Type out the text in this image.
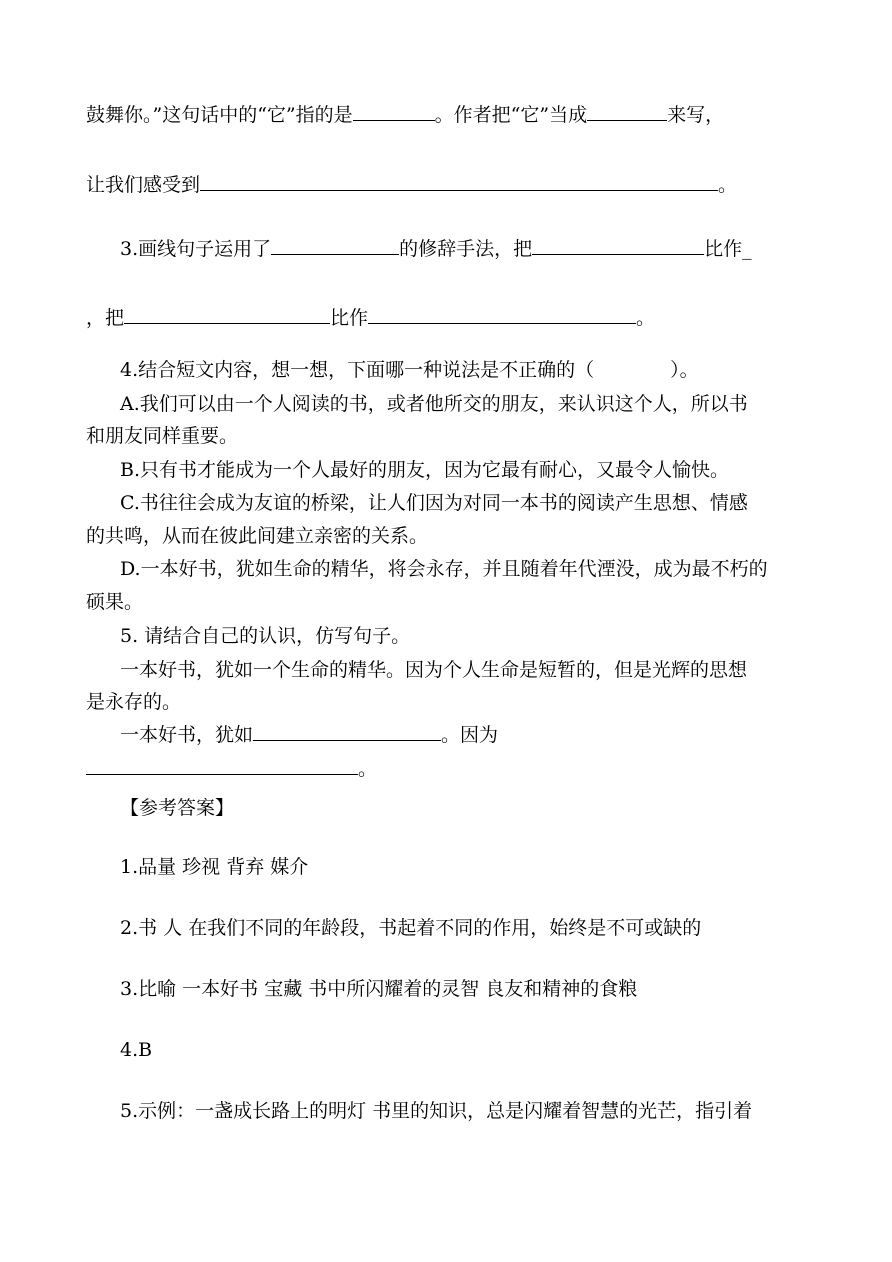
鼓舞你。”这句话中的“它”指的是	。作者把“它”当成	来写，
让我们感受到	。
3.画线句子运用了	的修辞手法，把	比作_
，把	比作	。
4.结合短文内容，想一想，下面哪一种说法是不正确的（	）。
A.我们可以由一个人阅读的书，或者他所交的朋友，来认识这个人，所以书
和朋友同样重要。
B.只有书才能成为一个人最好的朋友，因为它最有耐心，又最令人愉快。
C.书往往会成为友谊的桥梁，让人们因为对同一本书的阅读产生思想、情感
的共鸣，从而在彼此间建立亲密的关系。
D.一本好书，犹如生命的精华，将会永存，并且随着年代湮没，成为最不朽的
硕果。
5. 请结合自己的认识，仿写句子。
一本好书，犹如一个生命的精华。因为个人生命是短暂的，但是光辉的思想
是永存的。
一本好书，犹如	。因为
。
【参考答案】
1.品量 珍视 背弃 媒介
2.书 人 在我们不同的年龄段，书起着不同的作用，始终是不可或缺的
3.比喻 一本好书 宝藏 书中所闪耀着的灵智 良友和精神的食粮
4.B
5.示例：一盏成长路上的明灯 书里的知识，总是闪耀着智慧的光芒，指引着
